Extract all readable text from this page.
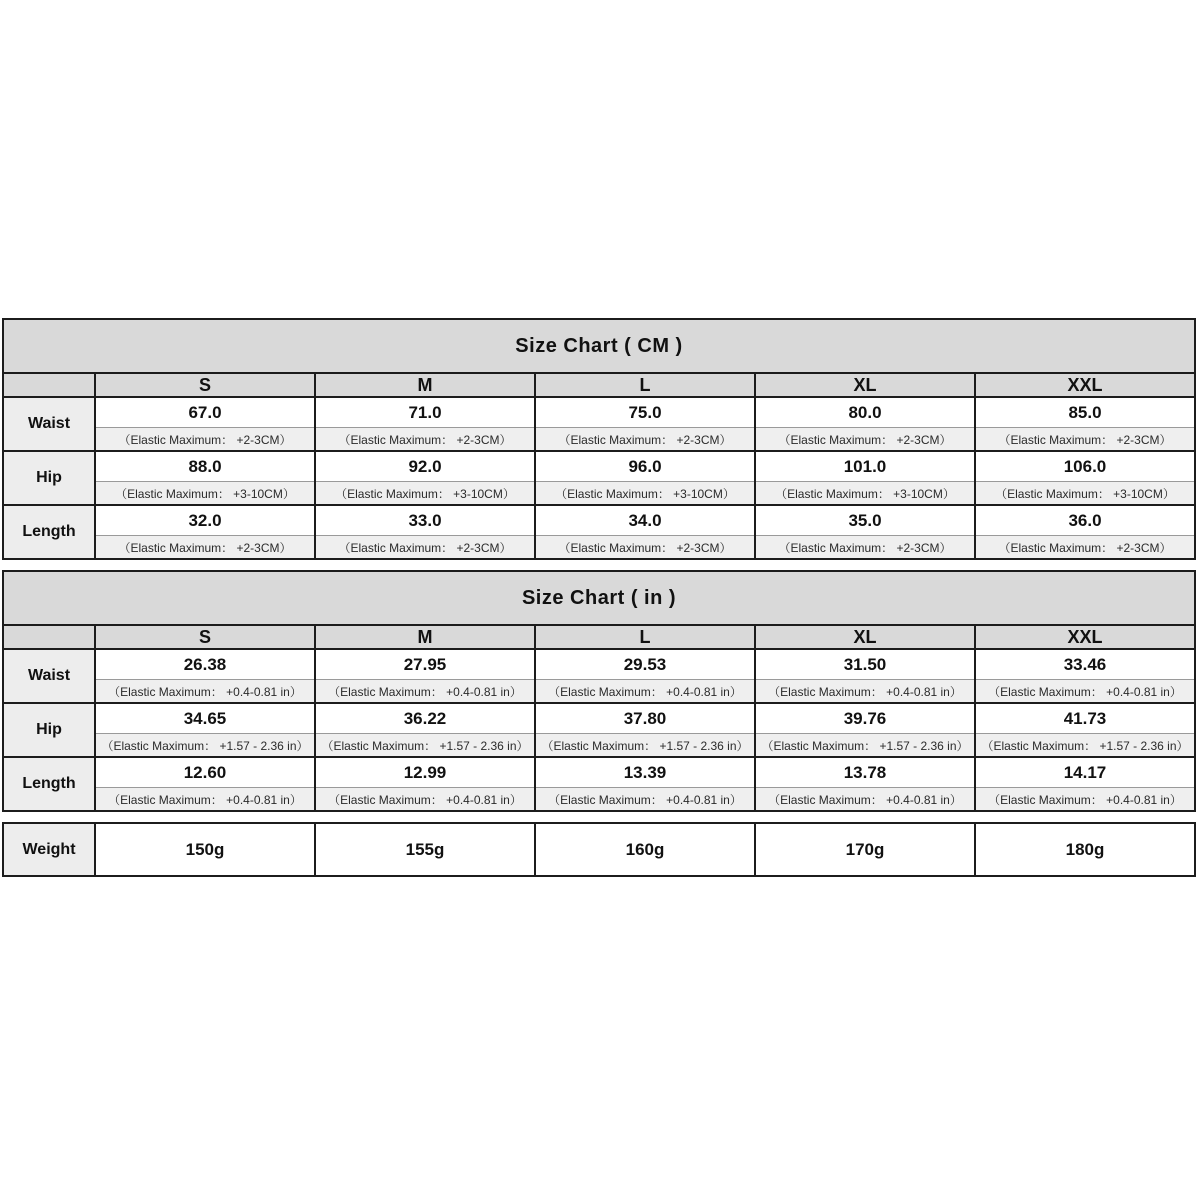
Size Chart ( CM )					
	S	M	L	XL	XXL
Waist	67.0	71.0	75.0	80.0	85.0
	（Elastic Maximum： +2-3CM）	（Elastic Maximum： +2-3CM）	（Elastic Maximum： +2-3CM）	（Elastic Maximum： +2-3CM）	（Elastic Maximum： +2-3CM）
Hip	88.0	92.0	96.0	101.0	106.0
	（Elastic Maximum： +3-10CM）	（Elastic Maximum： +3-10CM）	（Elastic Maximum： +3-10CM）	（Elastic Maximum： +3-10CM）	（Elastic Maximum： +3-10CM）
Length	32.0	33.0	34.0	35.0	36.0
	（Elastic Maximum： +2-3CM）	（Elastic Maximum： +2-3CM）	（Elastic Maximum： +2-3CM）	（Elastic Maximum： +2-3CM）	（Elastic Maximum： +2-3CM）
Size Chart ( in )					
	S	M	L	XL	XXL
Waist	26.38	27.95	29.53	31.50	33.46
	（Elastic Maximum： +0.4-0.81 in）	（Elastic Maximum： +0.4-0.81 in）	（Elastic Maximum： +0.4-0.81 in）	（Elastic Maximum： +0.4-0.81 in）	（Elastic Maximum： +0.4-0.81 in）
Hip	34.65	36.22	37.80	39.76	41.73
	（Elastic Maximum： +1.57 - 2.36 in）	（Elastic Maximum： +1.57 - 2.36 in）	（Elastic Maximum： +1.57 - 2.36 in）	（Elastic Maximum： +1.57 - 2.36 in）	（Elastic Maximum： +1.57 - 2.36 in）
Length	12.60	12.99	13.39	13.78	14.17
	（Elastic Maximum： +0.4-0.81 in）	（Elastic Maximum： +0.4-0.81 in）	（Elastic Maximum： +0.4-0.81 in）	（Elastic Maximum： +0.4-0.81 in）	（Elastic Maximum： +0.4-0.81 in）
Weight	150g	155g	160g	170g	180g
